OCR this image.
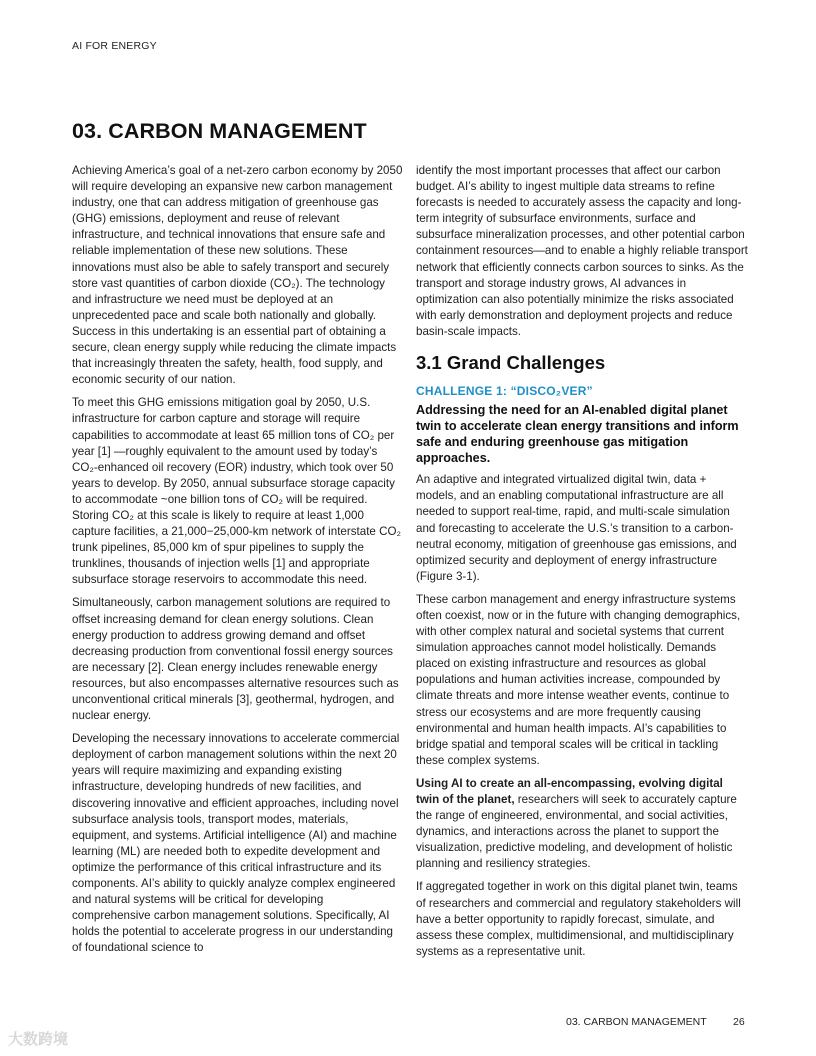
AI FOR ENERGY
03. CARBON MANAGEMENT

Achieving America’s goal of a net-zero carbon economy by 2050 will require developing an expansive new carbon management industry, one that can address mitigation of greenhouse gas (GHG) emissions, deployment and reuse of relevant infrastructure, and technical innovations that ensure safe and reliable implementation of these new solutions. These innovations must also be able to safely transport and securely store vast quantities of carbon dioxide (CO₂). The technology and infrastructure we need must be deployed at an unprecedented pace and scale both nationally and globally. Success in this undertaking is an essential part of obtaining a secure, clean energy supply while reducing the climate impacts that increasingly threaten the safety, health, food supply, and economic security of our nation.

To meet this GHG emissions mitigation goal by 2050, U.S. infrastructure for carbon capture and storage will require capabilities to accommodate at least 65 million tons of CO₂ per year [1] —roughly equivalent to the amount used by today’s CO₂-enhanced oil recovery (EOR) industry, which took over 50 years to develop. By 2050, annual subsurface storage capacity to accommodate ~one billion tons of CO₂ will be required. Storing CO₂ at this scale is likely to require at least 1,000 capture facilities, a 21,000−25,000-km network of interstate CO₂ trunk pipelines, 85,000 km of spur pipelines to supply the trunklines, thousands of injection wells [1] and appropriate subsurface storage reservoirs to accommodate this need.

Simultaneously, carbon management solutions are required to offset increasing demand for clean energy solutions. Clean energy production to address growing demand and offset decreasing production from conventional fossil energy sources are necessary [2]. Clean energy includes renewable energy resources, but also encompasses alternative resources such as unconventional critical minerals [3], geothermal, hydrogen, and nuclear energy.

Developing the necessary innovations to accelerate commercial deployment of carbon management solutions within the next 20 years will require maximizing and expanding existing infrastructure, developing hundreds of new facilities, and discovering innovative and efficient approaches, including novel subsurface analysis tools, transport modes, materials, equipment, and systems. Artificial intelligence (AI) and machine learning (ML) are needed both to expedite development and optimize the performance of this critical infrastructure and its components. AI’s ability to quickly analyze complex engineered and natural systems will be critical for developing comprehensive carbon management solutions. Specifically, AI holds the potential to accelerate progress in our understanding of foundational science to

identify the most important processes that affect our carbon budget. AI’s ability to ingest multiple data streams to refine forecasts is needed to accurately assess the capacity and long-term integrity of subsurface environments, surface and subsurface mineralization processes, and other potential carbon containment resources—and to enable a highly reliable transport network that efficiently connects carbon sources to sinks. As the transport and storage industry grows, AI advances in optimization can also potentially minimize the risks associated with early demonstration and deployment projects and reduce basin-scale impacts.

3.1 Grand Challenges
CHALLENGE 1: “DISCO₂VER”
Addressing the need for an AI-enabled digital planet twin to accelerate clean energy transitions and inform safe and enduring greenhouse gas mitigation approaches.

An adaptive and integrated virtualized digital twin, data + models, and an enabling computational infrastructure are all needed to support real-time, rapid, and multi-scale simulation and forecasting to accelerate the U.S.’s transition to a carbon-neutral economy, mitigation of greenhouse gas emissions, and optimized security and deployment of energy infrastructure (Figure 3-1).

These carbon management and energy infrastructure systems often coexist, now or in the future with changing demographics, with other complex natural and societal systems that current simulation approaches cannot model holistically. Demands placed on existing infrastructure and resources as global populations and human activities increase, compounded by climate threats and more intense weather events, continue to stress our ecosystems and are more frequently causing environmental and human health impacts. AI’s capabilities to bridge spatial and temporal scales will be critical in tackling these complex systems.

Using AI to create an all-encompassing, evolving digital twin of the planet, researchers will seek to accurately capture the range of engineered, environmental, and social activities, dynamics, and interactions across the planet to support the visualization, predictive modeling, and development of holistic planning and resiliency strategies.

If aggregated together in work on this digital planet twin, teams of researchers and commercial and regulatory stakeholders will have a better opportunity to rapidly forecast, simulate, and assess these complex, multidimensional, and multidisciplinary systems as a representative unit.

03. CARBON MANAGEMENT	26
大数跨境
